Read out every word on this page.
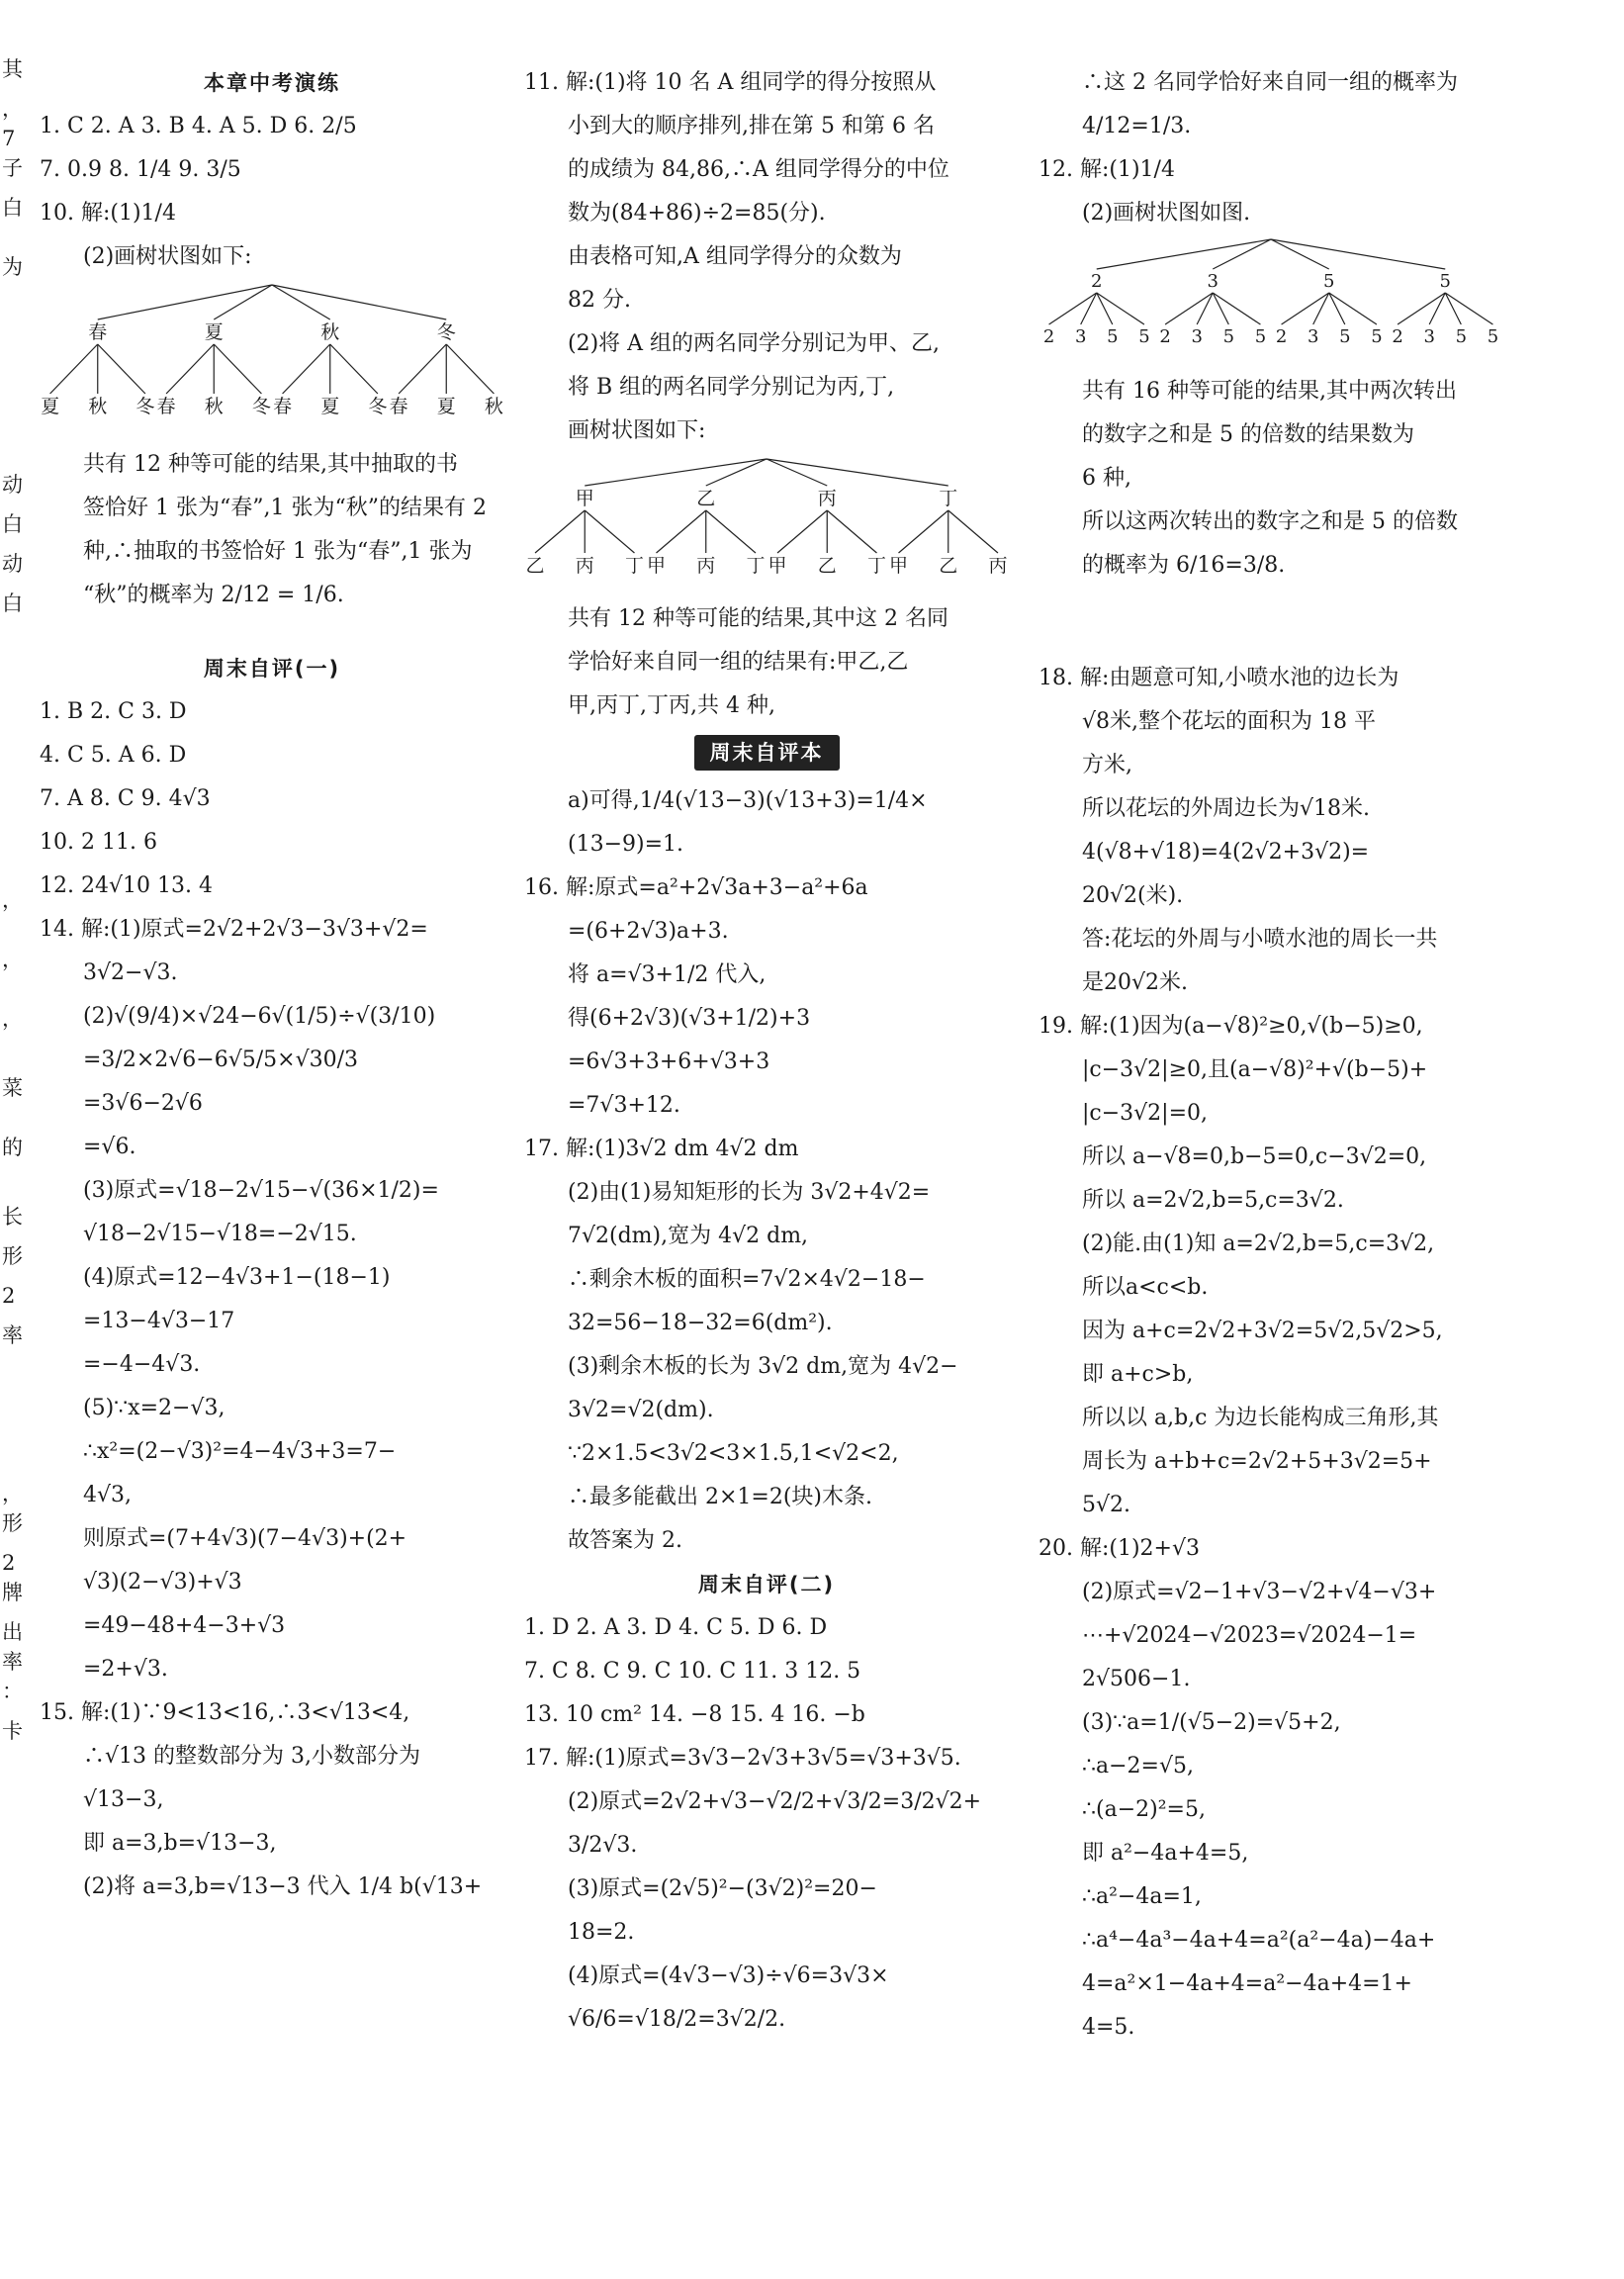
其
，
7
子
白
为
动
白
动
白
，
，
，
菜
的
长
形
2
率
，
形
2
牌
出
率
：
卡
本章中考演练
1. C 2. A 3. B 4. A 5. D 6. 2/5
7. 0.9 8. 1/4 9. 3/5
10. 解:(1)1/4
(2)画树状图如下:
春
夏 秋 冬
夏
春 秋 冬
秋
春 夏 冬
冬
春 夏 秋
共有 12 种等可能的结果,其中抽取的书
签恰好 1 张为“春”,1 张为“秋”的结果有 2
种,∴抽取的书签恰好 1 张为“春”,1 张为
“秋”的概率为 2/12 = 1/6.
周末自评(一)
1. B 2. C 3. D
4. C 5. A 6. D
7. A 8. C 9. 4√3
10. 2 11. 6
12. 24√10 13. 4
14. 解:(1)原式=2√2+2√3−3√3+√2=
3√2−√3.
(2)√(9/4)×√24−6√(1/5)÷√(3/10)
=3/2×2√6−6√5/5×√30/3
=3√6−2√6
=√6.
(3)原式=√18−2√15−√(36×1/2)=
√18−2√15−√18=−2√15.
(4)原式=12−4√3+1−(18−1)
=13−4√3−17
=−4−4√3.
(5)∵x=2−√3,
∴x²=(2−√3)²=4−4√3+3=7−
4√3,
则原式=(7+4√3)(7−4√3)+(2+
√3)(2−√3)+√3
=49−48+4−3+√3
=2+√3.
15. 解:(1)∵9<13<16,∴3<√13<4,
∴√13 的整数部分为 3,小数部分为
√13−3,
即 a=3,b=√13−3,
(2)将 a=3,b=√13−3 代入 1/4 b(√13+
11. 解:(1)将 10 名 A 组同学的得分按照从
小到大的顺序排列,排在第 5 和第 6 名
的成绩为 84,86,∴A 组同学得分的中位
数为(84+86)÷2=85(分).
由表格可知,A 组同学得分的众数为
82 分.
(2)将 A 组的两名同学分别记为甲、乙,
将 B 组的两名同学分别记为丙,丁,
画树状图如下:
甲
乙 丙 丁
乙
甲 丙 丁
丙
甲 乙 丁
丁
甲 乙 丙
共有 12 种等可能的结果,其中这 2 名同
学恰好来自同一组的结果有:甲乙,乙
甲,丙丁,丁丙,共 4 种,
周末自评本
a)可得,1/4(√13−3)(√13+3)=1/4×
(13−9)=1.
16. 解:原式=a²+2√3a+3−a²+6a
=(6+2√3)a+3.
将 a=√3+1/2 代入,
得(6+2√3)(√3+1/2)+3
=6√3+3+6+√3+3
=7√3+12.
17. 解:(1)3√2 dm 4√2 dm
(2)由(1)易知矩形的长为 3√2+4√2=
7√2(dm),宽为 4√2 dm,
∴剩余木板的面积=7√2×4√2−18−
32=56−18−32=6(dm²).
(3)剩余木板的长为 3√2 dm,宽为 4√2−
3√2=√2(dm).
∵2×1.5<3√2<3×1.5,1<√2<2,
∴最多能截出 2×1=2(块)木条.
故答案为 2.
周末自评(二)
1. D 2. A 3. D 4. C 5. D 6. D
7. C 8. C 9. C 10. C 11. 3 12. 5
13. 10 cm² 14. −8 15. 4 16. −b
17. 解:(1)原式=3√3−2√3+3√5=√3+3√5.
(2)原式=2√2+√3−√2/2+√3/2=3/2√2+
3/2√3.
(3)原式=(2√5)²−(3√2)²=20−
18=2.
(4)原式=(4√3−√3)÷√6=3√3×
√6/6=√18/2=3√2/2.
∴这 2 名同学恰好来自同一组的概率为
4/12=1/3.
12. 解:(1)1/4
(2)画树状图如图.
2
2 3 5 5
3
2 3 5 5
5
2 3 5 5
5
2 3 5 5
共有 16 种等可能的结果,其中两次转出
的数字之和是 5 的倍数的结果数为
6 种,
所以这两次转出的数字之和是 5 的倍数
的概率为 6/16=3/8.
18. 解:由题意可知,小喷水池的边长为
√8米,整个花坛的面积为 18 平
方米,
所以花坛的外周边长为√18米.
4(√8+√18)=4(2√2+3√2)=
20√2(米).
答:花坛的外周与小喷水池的周长一共
是20√2米.
19. 解:(1)因为(a−√8)²≥0,√(b−5)≥0,
|c−3√2|≥0,且(a−√8)²+√(b−5)+
|c−3√2|=0,
所以 a−√8=0,b−5=0,c−3√2=0,
所以 a=2√2,b=5,c=3√2.
(2)能.由(1)知 a=2√2,b=5,c=3√2,
所以a<c<b.
因为 a+c=2√2+3√2=5√2,5√2>5,
即 a+c>b,
所以以 a,b,c 为边长能构成三角形,其
周长为 a+b+c=2√2+5+3√2=5+
5√2.
20. 解:(1)2+√3
(2)原式=√2−1+√3−√2+√4−√3+
⋯+√2024−√2023=√2024−1=
2√506−1.
(3)∵a=1/(√5−2)=√5+2,
∴a−2=√5,
∴(a−2)²=5,
即 a²−4a+4=5,
∴a²−4a=1,
∴a⁴−4a³−4a+4=a²(a²−4a)−4a+
4=a²×1−4a+4=a²−4a+4=1+
4=5.
